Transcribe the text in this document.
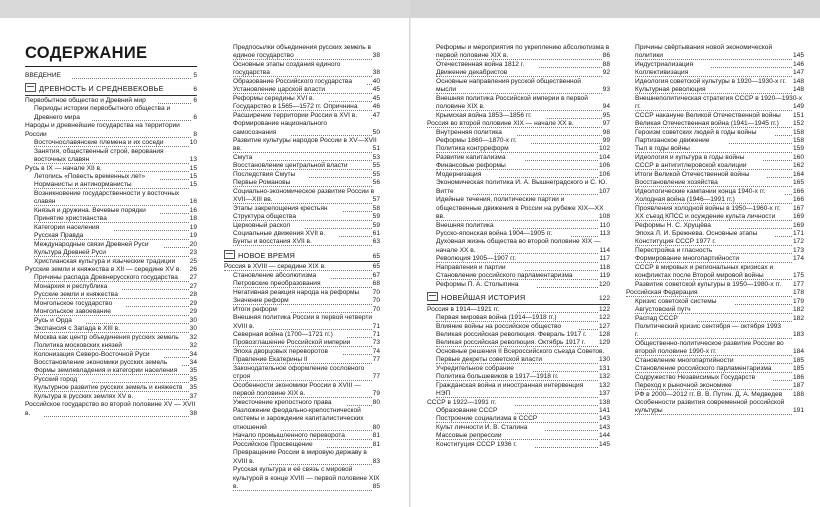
СОДЕРЖАНИЕ
ВВЕДЕНИЕ	5
ДРЕВНОСТЬ И СРЕДНЕВЕКОВЬЕ	6
Первобытное общество и Древний мир	6
Периоды истории первобытного общества и Древнего мира	6
Народы и древнейшие государства на территории России	8
Восточнославянские племена и их соседи	10
Занятия, общественный строй, верования восточных славян	13
Русь в IX — начале XII в.	15
Летопись «Повесть временных лет»	15
Норманисты и антинорманисты	15
Возникновение государственности у восточных славян	16
Князья и дружина. Вечевые порядки	16
Принятие христианства	18
Категории населения	19
Русская Правда	19
Международные связи Древней Руси	20
Культура Древней Руси	23
Христианская культура и языческие традиции 25
Русские земли и княжества в XII — середине XV в. 26
Причины распада Древнерусского государства 27
Монархия и республика	27
Русские земли и княжества	28
Монгольское государство	29
Монгольское завоевание	29
Русь и Орда	30
Экспансия с Запада в XIII в.	30
Москва как центр объединения русских земель 32
Политика московских князей	32
Колонизация Северо-Восточной Руси	34
Восстановление экономики русских земель	34
Формы землевладения и категории населения 35
Русский город	35
Культурное развитие русских земель и княжеств 35
Культура в русских землях XV в.	37
Российское государство во второй половине XV — XVII в.	38
Предпосылки объединения русских земель в единое государство	38
Основные этапы создания единого государства	38
Образование Российского государства	40
Установление царской власти	45
Реформы середины XVI в.	45
Государство в 1565—1572 гг. Опричнина 46
Расширение территории России в XVI в. 47
Формирование национального самосознания	50
Развитие культуры народов России в XV—XVII вв.	51
Смута	53
Восстановление центральной власти	55
Последствия Смуты	55
Первые Романовы	56
Социально-экономическое развитие России в XVII—XIII вв.	57
Этапы закрепощения крестьян	58
Структура общества	59
Церковный раскол	59
Социальные движения XVII в.	61
Бунты и восстания XVII в.	63
НОВОЕ ВРЕМЯ	65
Россия в XVIII — середине XIX в.	65
Становление абсолютизма	67
Петровские преобразования	68
Негативная реакция народа на реформы 70
Значение реформ	70
Итоги реформ	70
Внешняя политика России в первой четверти XVIII в.	71
Северная война (1700—1721 гг.)	71
Провозглашение Российской империи	73
Эпоха дворцовых переворотов	74
Правление Екатерины II	77
Законодательное оформление сословного строя	77
Особенности экономики России в XVIII — первой половине XIX в.	79
Ужесточение крепостного права	80
Разложение феодально-крепостнической системы и зарождение капиталистических отношений	80
Начало промышленного переворота	81
Российское Просвещение	81
Превращение России в мировую державу в XVIII в.	83
Русская культура и её связь с мировой культурой в конце XVIII — первой половине XIX в.	85
Реформы и мероприятия по укреплению абсолютизма в первой половине XIX в.	86
Отечественная война 1812 г.	88
Движение декабристов	92
Основные направления русской общественной мысли	93
Внешняя политика Российской империи в первой половине XIX в.	94
Крымская война 1853—1856 гг.	95
Россия во второй половине XIX — начале XX в.	97
Внутренняя политика	98
Реформы 1860—1870-х гг.	99
Политика контрреформ	102
Развитие капитализма	104
Финансовые реформы	106
Модернизация	106
Экономическая политика И. А. Вышнеградского и С. Ю. Витте	107
Идейные течения, политические партии и общественные движения в России на рубеже XIX—XX вв.	108
Внешняя политика	110
Русско-японская война 1904—1905 гг.	113
Духовная жизнь общества во второй половине XIX — начале XX в.	114
Революция 1905—1907 гг.	117
Направления и партии	118
Становление российского парламентаризма	119
Реформы П. А. Столыпина	120
НОВЕЙШАЯ ИСТОРИЯ	122
Россия в 1914—1921 гг.	122
Первая мировая война (1914—1918 гг.)	122
Влияние войны на российское общество	127
Великая российская революция. Февраль 1917 г. 128
Великая российская революция. Октябрь 1917 г. 129
Основные решения II Всероссийского съезда Советов. Первые декреты советской власти	130
Учредительное собрание	131
Политика большевиков в 1917—1918 гг.	132
Гражданская война и иностранная интервенция 132
НЭП	137
СССР в 1922—1991 гг.	138
Образование СССР	141
Построение социализма в СССР	143
Культ личности И. В. Сталина	143
Массовые репрессии	144
Конституция СССР 1936 г.	145
Причины свёртывания новой экономической политики	145
Индустриализация	146
Коллективизация	147
Идеология советской культуры в 1920—1930-х гг. 148
Культурная революция	148
Внешнеполитическая стратегия СССР в 1920—1930-х гг.	149
СССР накануне Великой Отечественной войны 151
Великая Отечественная война (1941—1945 гг.) 152
Героизм советских людей в годы войны	158
Партизанское движение	158
Тыл в годы войны	159
Идеология и культура в годы войны	160
СССР в антигитлеровской коалиции	162
Итоги Великой Отечественной войны	164
Восстановление хозяйства	165
Идеологические кампании конца 1940-х гг.	166
Холодная война (1946—1991 гг.)	166
Проявления холодной войны в 1950—1960-х гг. 167
XX съезд КПСС и осуждение культа личности	169
Реформы Н. С. Хрущёва	169
Эпоха Л. И. Брежнева. Основные этапы	171
Конституция СССР 1977 г.	172
Перестройка и гласность	173
Формирование многопартийности	174
СССР в мировых и региональных кризисах и конфликтах после Второй мировой войны	175
Развитие советской культуры в 1950—1980-х гг. 177
Российская Федерация	178
Кризис советской системы	179
Августовский путч	182
Распад СССР	182
Политический кризис сентября — октября 1993 г.	183
Общественно-политическое развитие России во второй половине 1990-х гг.	184
Становление многопартийности	185
Становление российского парламентаризма	185
Содружество Независимых Государств	186
Переход к рыночной экономике	187
РФ в 2000—2012 гг. В. В. Путин. Д. А. Медведев 188
Особенности развития современной российской культуры	191
